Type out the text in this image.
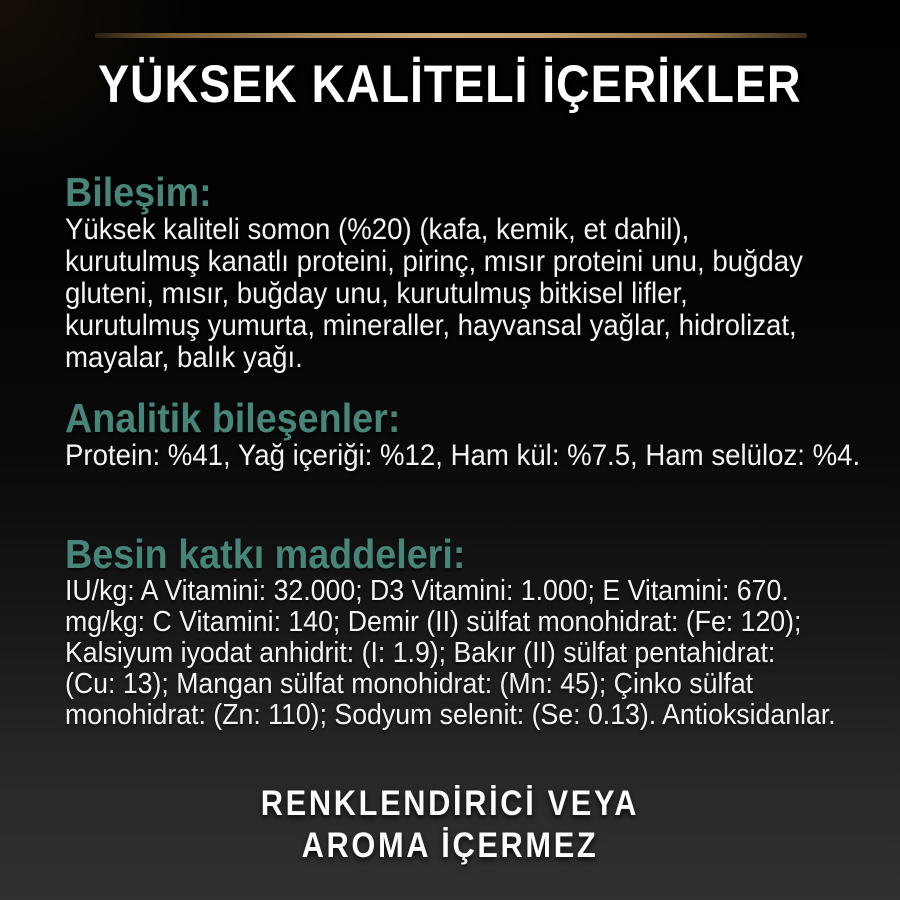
YÜKSEK KALİTELİ İÇERİKLER
Bileşim:
Yüksek kaliteli somon (%20) (kafa, kemik, et dahil),
kurutulmuş kanatlı proteini, pirinç, mısır proteini unu, buğday
gluteni, mısır, buğday unu, kurutulmuş bitkisel lifler,
kurutulmuş yumurta, mineraller, hayvansal yağlar, hidrolizat,
mayalar, balık yağı.
Analitik bileşenler:
Protein: %41, Yağ içeriği: %12, Ham kül: %7.5, Ham selüloz: %4.
Besin katkı maddeleri:
IU/kg: A Vitamini: 32.000; D3 Vitamini: 1.000; E Vitamini: 670.
mg/kg: C Vitamini: 140; Demir (II) sülfat monohidrat: (Fe: 120);
Kalsiyum iyodat anhidrit: (I: 1.9); Bakır (II) sülfat pentahidrat:
(Cu: 13); Mangan sülfat monohidrat: (Mn: 45); Çinko sülfat
monohidrat: (Zn: 110); Sodyum selenit: (Se: 0.13). Antioksidanlar.
RENKLENDİRİCİ VEYA
AROMA İÇERMEZ
